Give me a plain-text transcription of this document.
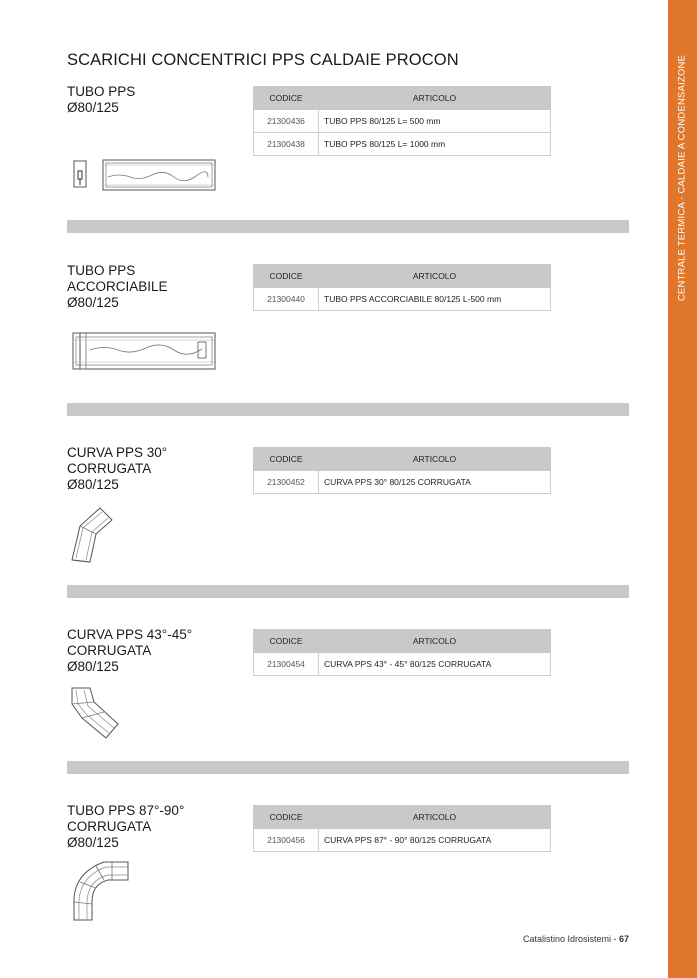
CENTRALE TERMICA - CALDAIE A CONDENSAIZONE
SCARICHI CONCENTRICI PPS CALDAIE PROCON
TUBO PPS
Ø80/125
CODICE	ARTICOLO
21300436	TUBO PPS 80/125 L= 500 mm
21300438	TUBO PPS 80/125 L= 1000 mm
TUBO PPS
ACCORCIABILE
Ø80/125
CODICE	ARTICOLO
21300440	TUBO PPS ACCORCIABILE 80/125 L-500 mm
CURVA PPS 30°
CORRUGATA
Ø80/125
CODICE	ARTICOLO
21300452	CURVA PPS 30° 80/125 CORRUGATA
CURVA PPS 43°-45°
CORRUGATA
Ø80/125
CODICE	ARTICOLO
21300454	CURVA PPS 43° - 45° 80/125 CORRUGATA
TUBO PPS 87°-90°
CORRUGATA
Ø80/125
CODICE	ARTICOLO
21300456	CURVA PPS 87° - 90° 80/125 CORRUGATA
Catalistino Idrosistemi - 67
